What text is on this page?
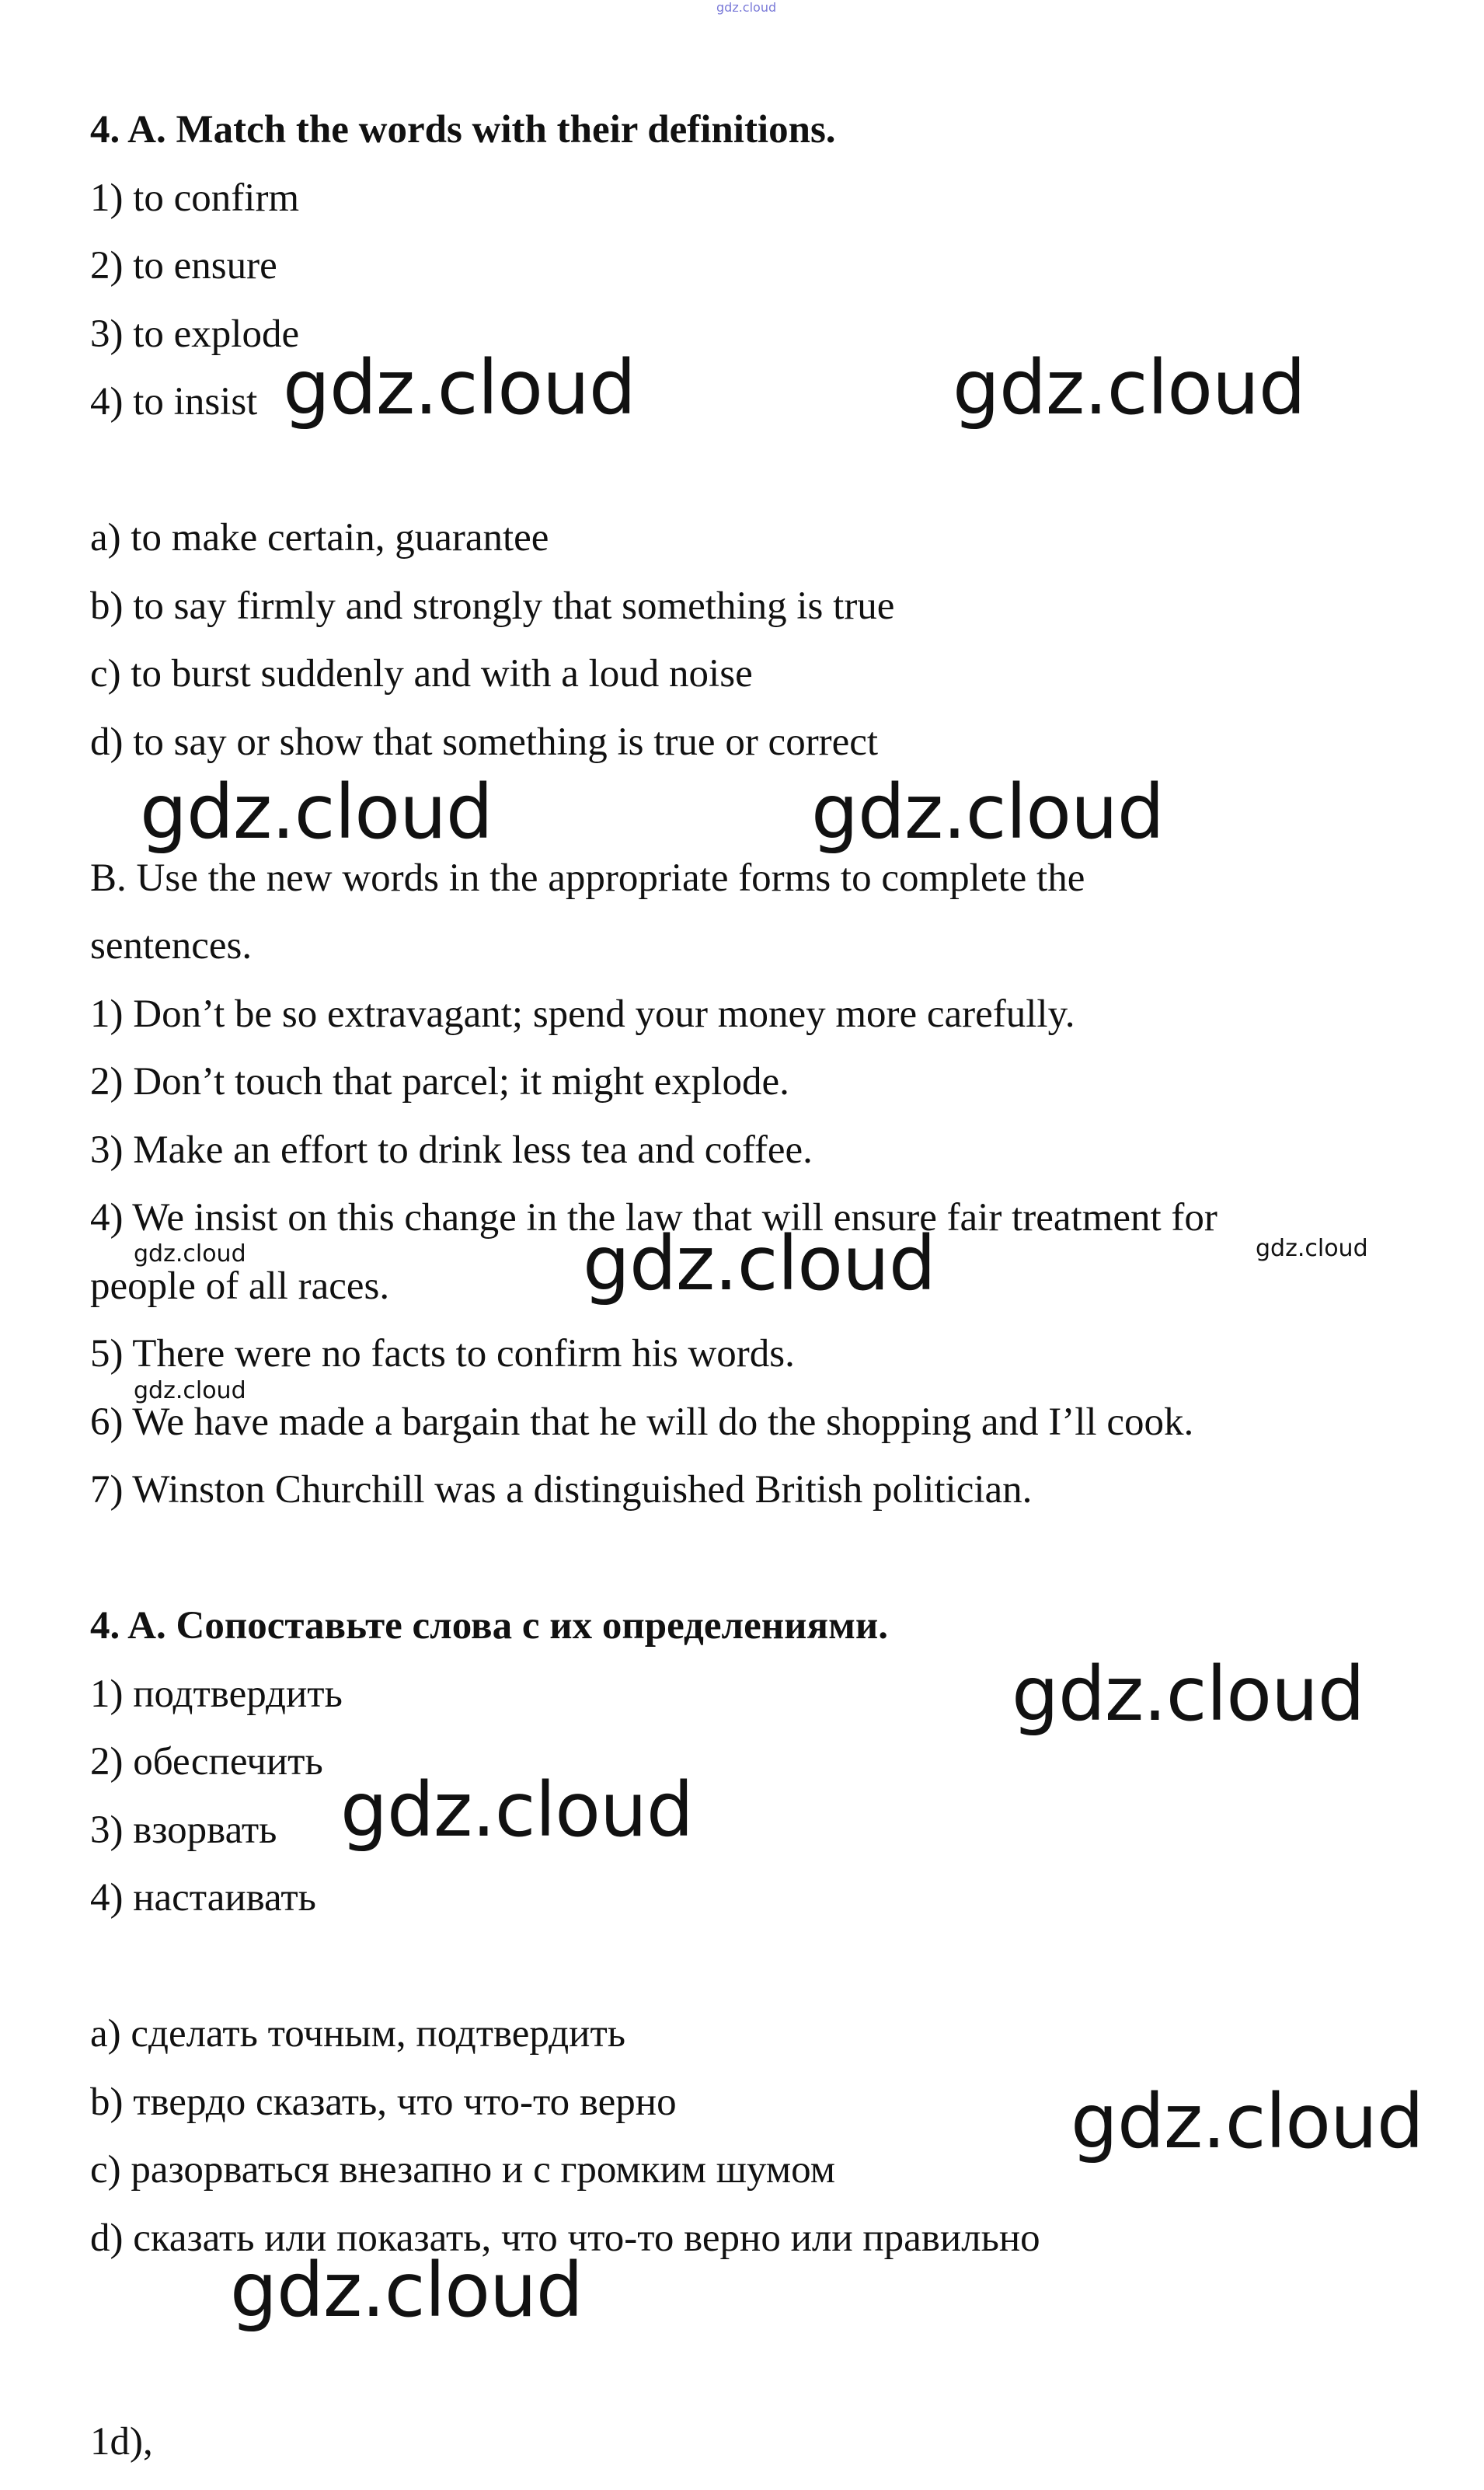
gdz.cloud
4. A. Match the words with their definitions.
1) to confirm
2) to ensure
3) to explode
4) to insist
a) to make certain, guarantee
b) to say firmly and strongly that something is true
c) to burst suddenly and with a loud noise
d) to say or show that something is true or correct
B. Use the new words in the appropriate forms to complete the
sentences.
1) Don’t be so extravagant; spend your money more carefully.
2) Don’t touch that parcel; it might explode.
3) Make an effort to drink less tea and coffee.
4) We insist on this change in the law that will ensure fair treatment for
people of all races.
5) There were no facts to confirm his words.
6) We have made a bargain that he will do the shopping and I’ll cook.
7) Winston Churchill was a distinguished British politician.
4. A. Сопоставьте слова с их определениями.
1) подтвердить
2) обеспечить
3) взорвать
4) настаивать
a) сделать точным, подтвердить
b) твердо сказать, что что-то верно
c) разорваться внезапно и с громким шумом
d) сказать или показать, что что-то верно или правильно
1d),
gdz.cloud	gdz.cloud
gdz.cloud	gdz.cloud
gdz.cloud	gdz.cloud	gdz.cloud
gdz.cloud
gdz.cloud
gdz.cloud
gdz.cloud
gdz.cloud
